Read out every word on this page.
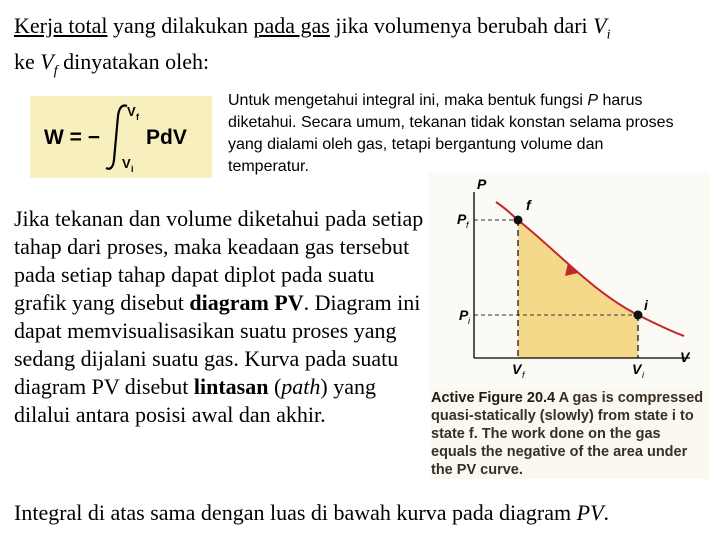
Kerja total yang dilakukan pada gas jika volumenya berubah dari $V_i$
ke $V_f$ dinyatakan oleh:
W = −
V f
V i
PdV
Untuk mengetahui integral ini, maka bentuk fungsi P harus diketahui. Secara umum, tekanan tidak konstan selama proses yang dialami oleh gas, tetapi bergantung volume dan temperatur.
Jika tekanan dan volume diketahui pada setiap tahap dari proses, maka keadaan gas tersebut pada setiap tahap dapat diplot pada suatu grafik yang disebut diagram PV. Diagram ini dapat memvisualisasikan suatu proses yang sedang dijalani suatu gas. Kurva pada suatu diagram PV disebut lintasan (path) yang dilalui antara posisi awal dan akhir.
P
V
P f
P i
V f	V i
f
i
Active Figure 20.4 A gas is compressed quasi-statically (slowly) from state i to state f. The work done on the gas equals the negative of the area under the PV curve.
Integral di atas sama dengan luas di bawah kurva pada diagram PV.
